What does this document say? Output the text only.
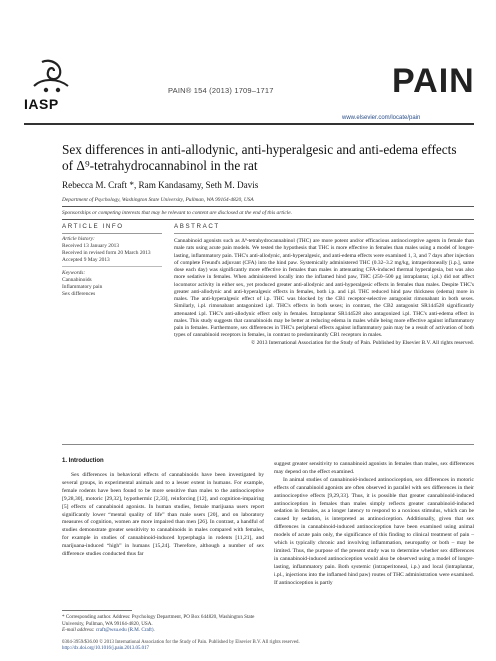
IASP
PAIN® 154 (2013) 1709–1717	PAIN
www.elsevier.com/locate/pain
Sex differences in anti-allodynic, anti-hyperalgesic and anti-edema effects of Δ⁹-tetrahydrocannabinol in the rat
Rebecca M. Craft *, Ram Kandasamy, Seth M. Davis
Department of Psychology, Washington State University, Pullman, WA 99164-4820, USA
Sponsorships or competing interests that may be relevant to content are disclosed at the end of this article.
ARTICLE INFO	ABSTRACT
Article history:
Received 13 January 2013
Received in revised form 20 March 2013
Accepted 9 May 2013
Keywords:
Cannabinoids
Inflammatory pain
Sex differences

Cannabinoid agonists such as Δ⁹-tetrahydrocannabinol (THC) are more potent and/or efficacious antinociceptive agents in female than male rats using acute pain models. We tested the hypothesis that THC is more effective in females than males using a model of longer-lasting, inflammatory pain. THC's anti-allodynic, anti-hyperalgesic, and anti-edema effects were examined 1, 3, and 7 days after injection of complete Freund's adjuvant (CFA) into the hind paw. Systemically administered THC (0.32–3.2 mg/kg, intraperitoneally [i.p.], same dose each day) was significantly more effective in females than males in attenuating CFA-induced thermal hyperalgesia, but was also more sedative in females. When administered locally into the inflamed hind paw, THC (250–500 μg intraplantar, i.pl.) did not affect locomotor activity in either sex, yet produced greater anti-allodynic and anti-hyperalgesic effects in females than males. Despite THC's greater anti-allodynic and anti-hyperalgesic effects in females, both i.p. and i.pl. THC reduced hind paw thickness (edema) more in males. The anti-hyperalgesic effect of i.p. THC was blocked by the CB1 receptor-selective antagonist rimonabant in both sexes. Similarly, i.pl. rimonabant antagonized i.pl. THC's effects in both sexes; in contrast, the CB2 antagonist SR144528 significantly attenuated i.pl. THC's anti-allodynic effect only in females. Intraplantar SR144528 also antagonized i.pl. THC's anti-edema effect in males. This study suggests that cannabinoids may be better at reducing edema in males while being more effective against inflammatory pain in females. Furthermore, sex differences in THC's peripheral effects against inflammatory pain may be a result of activation of both types of cannabinoid receptors in females, in contrast to predominantly CB1 receptors in males.

© 2013 International Association for the Study of Pain. Published by Elsevier B.V. All rights reserved.

1. Introduction

Sex differences in behavioral effects of cannabinoids have been investigated by several groups, in experimental animals and to a lesser extent in humans. For example, female rodents have been found to be more sensitive than males to the antinociceptive [9,28,30], motoric [29,32], hypothermic [2,33], reinforcing [12], and cognition-impairing [5] effects of cannabinoid agonists. In human studies, female marijuana users report significantly lower “mental quality of life” than male users [20], and on laboratory measures of cognition, women are more impaired than men [26]. In contrast, a handful of studies demonstrate greater sensitivity to cannabinoids in males compared with females, for example in studies of cannabinoid-induced hyperphagia in rodents [11,21], and marijuana-induced “high” in humans [15,24]. Therefore, although a number of sex difference studies conducted thus far

suggest greater sensitivity to cannabinoid agonists in females than males, sex differences may depend on the effect examined.

In animal studies of cannabinoid-induced antinociception, sex differences in motoric effects of cannabinoid agonists are often observed in parallel with sex differences in their antinociceptive effects [9,29,33]. Thus, it is possible that greater cannabinoid-induced antinociception in females than males simply reflects greater cannabinoid-induced sedation in females, as a longer latency to respond to a noxious stimulus, which can be caused by sedation, is interpreted as antinociception. Additionally, given that sex differences in cannabinoid-induced antinociception have been examined using animal models of acute pain only, the significance of this finding to clinical treatment of pain – which is typically chronic and involving inflammation, neuropathy or both – may be limited. Thus, the purpose of the present study was to determine whether sex differences in cannabinoid-induced antinociception would also be observed using a model of longer-lasting, inflammatory pain. Both systemic (intraperitoneal, i.p.) and local (intraplantar, i.pl., injections into the inflamed hind paw) routes of THC administration were examined. If antinociception is partly

* Corresponding author. Address: Psychology Department, PO Box 644820, Washington State University, Pullman, WA 99164-4820, USA.
E-mail address: craft@wsu.edu (R.M. Craft).
0304-3959/$36.00 © 2013 International Association for the Study of Pain. Published by Elsevier B.V. All rights reserved.
http://dx.doi.org/10.1016/j.pain.2013.05.017
